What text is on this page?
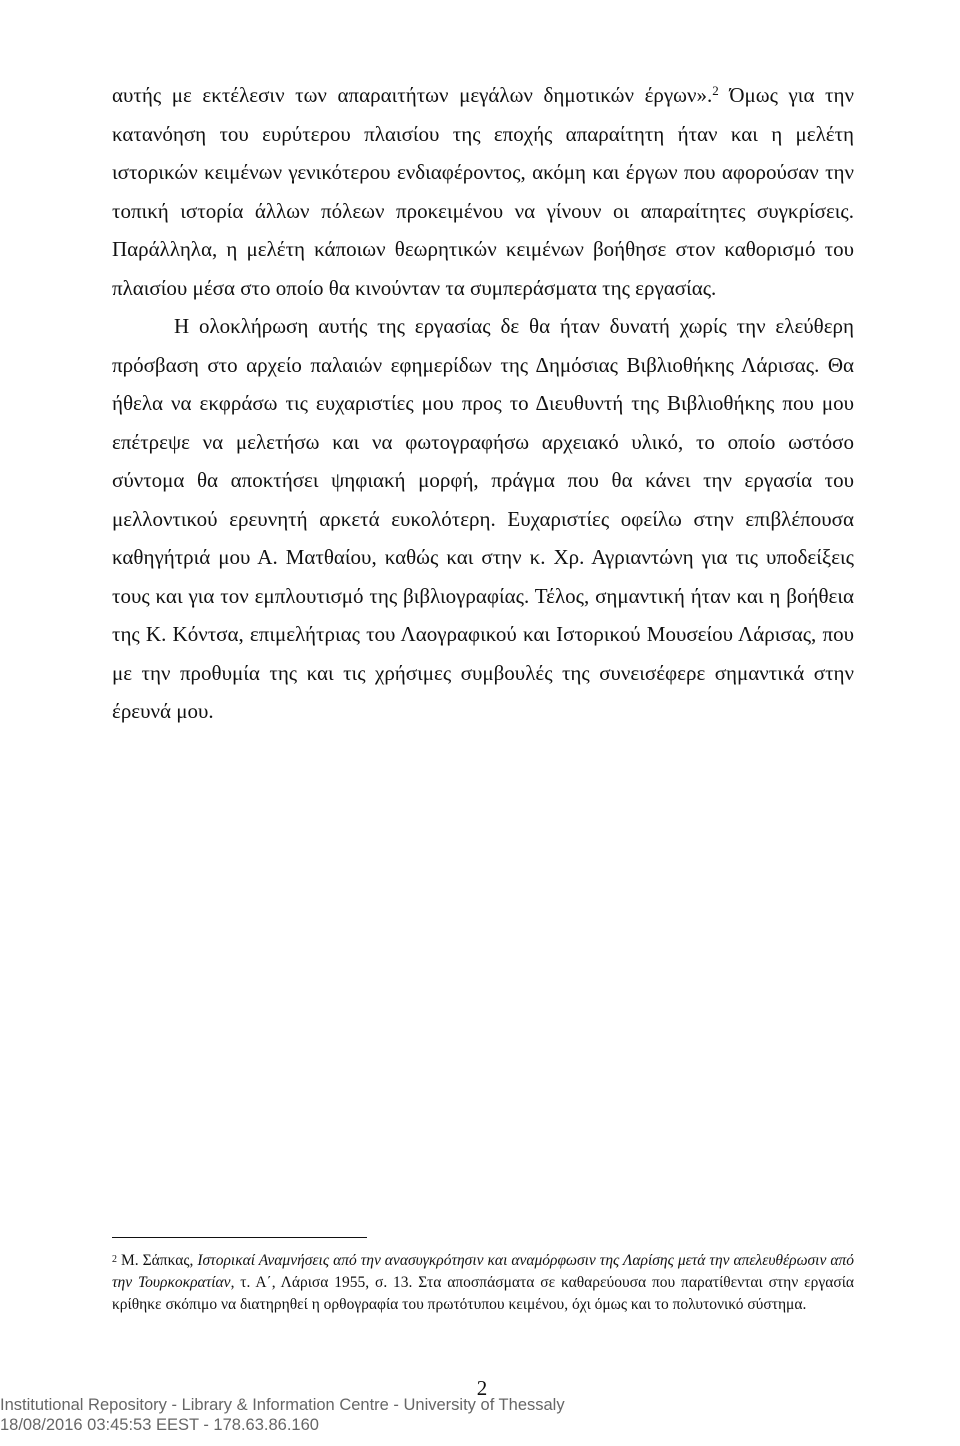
αυτής με εκτέλεσιν των απαραιτήτων μεγάλων δημοτικών έργων».$^2$ Όμως για την κατανόηση του ευρύτερου πλαισίου της εποχής απαραίτητη ήταν και η μελέτη ιστορικών κειμένων γενικότερου ενδιαφέροντος, ακόμη και έργων που αφορούσαν την τοπική ιστορία άλλων πόλεων προκειμένου να γίνουν οι απαραίτητες συγκρίσεις. Παράλληλα, η μελέτη κάποιων θεωρητικών κειμένων βοήθησε στον καθορισμό του πλαισίου μέσα στο οποίο θα κινούνταν τα συμπεράσματα της εργασίας.

Η ολοκλήρωση αυτής της εργασίας δε θα ήταν δυνατή χωρίς την ελεύθερη πρόσβαση στο αρχείο παλαιών εφημερίδων της Δημόσιας Βιβλιοθήκης Λάρισας. Θα ήθελα να εκφράσω τις ευχαριστίες μου προς το Διευθυντή της Βιβλιοθήκης που μου επέτρεψε να μελετήσω και να φωτογραφήσω αρχειακό υλικό, το οποίο ωστόσο σύντομα θα αποκτήσει ψηφιακή μορφή, πράγμα που θα κάνει την εργασία του μελλοντικού ερευνητή αρκετά ευκολότερη. Ευχαριστίες οφείλω στην επιβλέπουσα καθηγήτριά μου Α. Ματθαίου, καθώς και στην κ. Χρ. Αγριαντώνη για τις υποδείξεις τους και για τον εμπλουτισμό της βιβλιογραφίας. Τέλος, σημαντική ήταν και η βοήθεια της Κ. Κόντσα, επιμελήτριας του Λαογραφικού και Ιστορικού Μουσείου Λάρισας, που με την προθυμία της και τις χρήσιμες συμβουλές της συνεισέφερε σημαντικά στην έρευνά μου.

$^2$ Μ. Σάπκας, Ιστορικαί Αναμνήσεις από την ανασυγκρότησιν και αναμόρφωσιν της Λαρίσης μετά την απελευθέρωσιν από την Τουρκοκρατίαν, τ. Α΄, Λάρισα 1955, σ. 13. Στα αποσπάσματα σε καθαρεύουσα που παρατίθενται στην εργασία κρίθηκε σκόπιμο να διατηρηθεί η ορθογραφία του πρωτότυπου κειμένου, όχι όμως και το πολυτονικό σύστημα.
2
Institutional Repository - Library & Information Centre - University of Thessaly
18/08/2016 03:45:53 EEST - 178.63.86.160
